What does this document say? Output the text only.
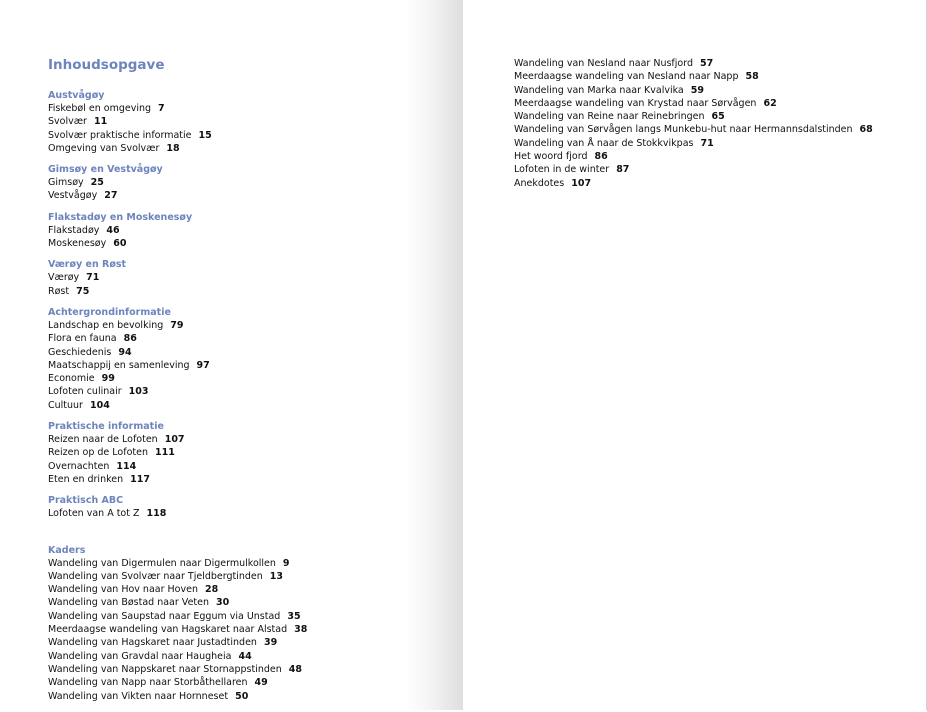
Inhoudsopgave
Austvågøy
Fiskebøl en omgeving 7
Svolvær 11
Svolvær praktische informatie 15
Omgeving van Svolvær 18
Gimsøy en Vestvågøy
Gimsøy 25
Vestvågøy 27
Flakstadøy en Moskenesøy
Flakstadøy 46
Moskenesøy 60
Værøy en Røst
Værøy 71
Røst 75
Achtergrondinformatie
Landschap en bevolking 79
Flora en fauna 86
Geschiedenis 94
Maatschappij en samenleving 97
Economie 99
Lofoten culinair 103
Cultuur 104
Praktische informatie
Reizen naar de Lofoten 107
Reizen op de Lofoten 111
Overnachten 114
Eten en drinken 117
Praktisch ABC
Lofoten van A tot Z 118
Kaders
Wandeling van Digermulen naar Digermulkollen 9
Wandeling van Svolvær naar Tjeldbergtinden 13
Wandeling van Hov naar Hoven 28
Wandeling van Bøstad naar Veten 30
Wandeling van Saupstad naar Eggum via Unstad 35
Meerdaagse wandeling van Hagskaret naar Alstad 38
Wandeling van Hagskaret naar Justadtinden 39
Wandeling van Gravdal naar Haugheia 44
Wandeling van Nappskaret naar Stornappstinden 48
Wandeling van Napp naar Storbåthellaren 49
Wandeling van Vikten naar Hornneset 50
Wandeling van Nesland naar Nusfjord 57
Meerdaagse wandeling van Nesland naar Napp 58
Wandeling van Marka naar Kvalvika 59
Meerdaagse wandeling van Krystad naar Sørvågen 62
Wandeling van Reine naar Reinebringen 65
Wandeling van Sørvågen langs Munkebu-hut naar Hermannsdalstinden 68
Wandeling van Å naar de Stokkvikpas 71
Het woord fjord 86
Lofoten in de winter 87
Anekdotes 107
